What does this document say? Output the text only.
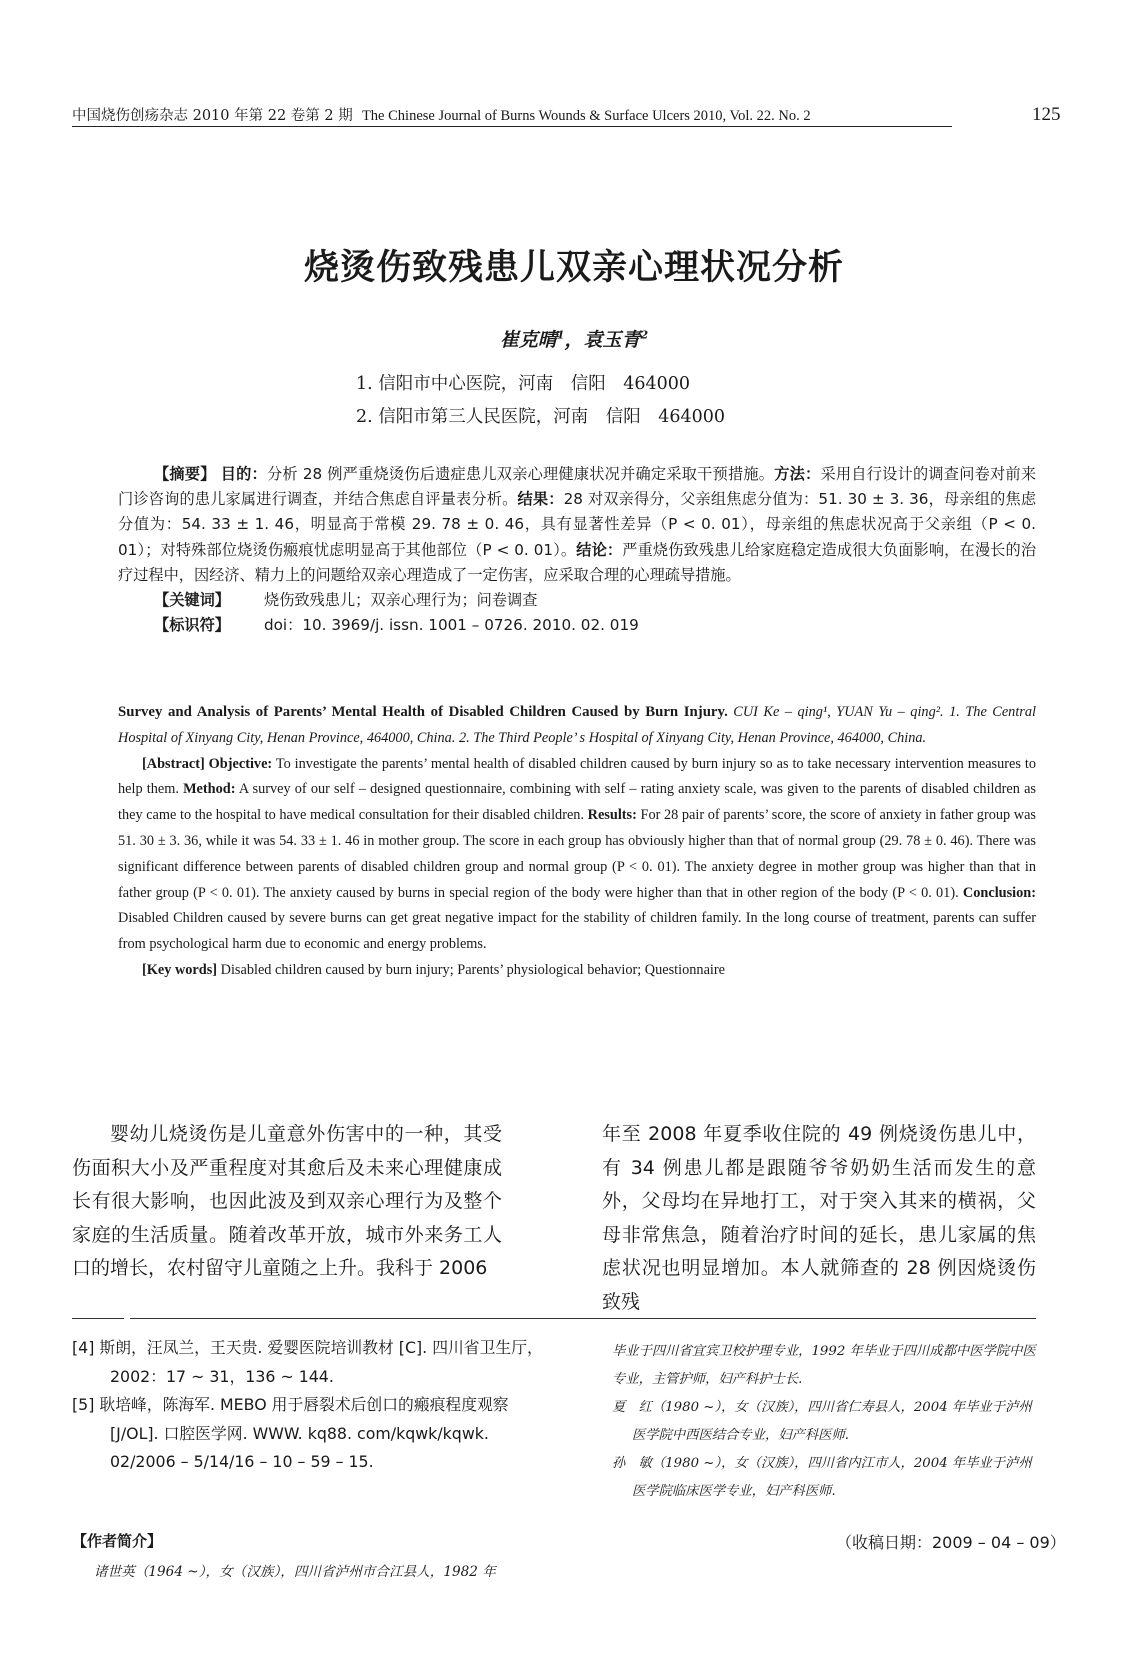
中国烧伤创疡杂志 2010 年第 22 卷第 2 期 The Chinese Journal of Burns Wounds & Surface Ulcers 2010, Vol. 22. No. 2	125
烧烫伤致残患儿双亲心理状况分析
崔克晴$^1$，袁玉青$^2$
1. 信阳市中心医院，河南　信阳　464000
2. 信阳市第三人民医院，河南　信阳　464000

【摘要】 目的：分析 28 例严重烧烫伤后遗症患儿双亲心理健康状况并确定采取干预措施。方法：采用自行设计的调查问卷对前来门诊咨询的患儿家属进行调查，并结合焦虑自评量表分析。结果：28 对双亲得分，父亲组焦虑分值为：51. 30 ± 3. 36，母亲组的焦虑分值为：54. 33 ± 1. 46，明显高于常模 29. 78 ± 0. 46，具有显著性差异（P < 0. 01），母亲组的焦虑状况高于父亲组（P < 0. 01）；对特殊部位烧烫伤瘢痕忧虑明显高于其他部位（P < 0. 01）。结论：严重烧伤致残患儿给家庭稳定造成很大负面影响，在漫长的治疗过程中，因经济、精力上的问题给双亲心理造成了一定伤害，应采取合理的心理疏导措施。

【关键词】 烧伤致残患儿；双亲心理行为；问卷调查

【标识符】 doi：10. 3969/j. issn. 1001 – 0726. 2010. 02. 019

Survey and Analysis of Parents’ Mental Health of Disabled Children Caused by Burn Injury. CUI Ke – qing¹, YUAN Yu – qing². 1. The Central Hospital of Xinyang City, Henan Province, 464000, China. 2. The Third People’ s Hospital of Xinyang City, Henan Province, 464000, China.

[Abstract] Objective: To investigate the parents’ mental health of disabled children caused by burn injury so as to take necessary intervention measures to help them. Method: A survey of our self – designed questionnaire, combining with self – rating anxiety scale, was given to the parents of disabled children as they came to the hospital to have medical consultation for their disabled children. Results: For 28 pair of parents’ score, the score of anxiety in father group was 51. 30 ± 3. 36, while it was 54. 33 ± 1. 46 in mother group. The score in each group has obviously higher than that of normal group (29. 78 ± 0. 46). There was significant difference between parents of disabled children group and normal group (P < 0. 01). The anxiety degree in mother group was higher than that in father group (P < 0. 01). The anxiety caused by burns in special region of the body were higher than that in other region of the body (P < 0. 01). Conclusion: Disabled Children caused by severe burns can get great negative impact for the stability of children family. In the long course of treatment, parents can suffer from psychological harm due to economic and energy problems.

[Key words] Disabled children caused by burn injury; Parents’ physiological behavior; Questionnaire

婴幼儿烧烫伤是儿童意外伤害中的一种，其受伤面积大小及严重程度对其愈后及未来心理健康成长有很大影响，也因此波及到双亲心理行为及整个家庭的生活质量。随着改革开放，城市外来务工人口的增长，农村留守儿童随之上升。我科于 2006

年至 2008 年夏季收住院的 49 例烧烫伤患儿中，有 34 例患儿都是跟随爷爷奶奶生活而发生的意外，父母均在异地打工，对于突入其来的横祸，父母非常焦急，随着治疗时间的延长，患儿家属的焦虑状况也明显增加。本人就筛查的 28 例因烧烫伤致残

[4] 斯朗，汪凤兰，王天贵. 爱婴医院培训教材 [C]. 四川省卫生厅，2002：17 ~ 31，136 ~ 144.

[5] 耿培峰，陈海军. MEBO 用于唇裂术后创口的瘢痕程度观察 [J/OL]. 口腔医学网. WWW. kq88. com/kqwk/kqwk. 02/2006 – 5/14/16 – 10 – 59 – 15.

【作者简介】
诸世英（1964 ~），女（汉族），四川省泸州市合江县人，1982 年

毕业于四川省宜宾卫校护理专业，1992 年毕业于四川成都中医学院中医专业，主管护师，妇产科护士长.

夏　红（1980 ~），女（汉族），四川省仁寿县人，2004 年毕业于泸州医学院中西医结合专业，妇产科医师.

孙　敏（1980 ~），女（汉族），四川省内江市人，2004 年毕业于泸州医学院临床医学专业，妇产科医师.

（收稿日期：2009 – 04 – 09）
